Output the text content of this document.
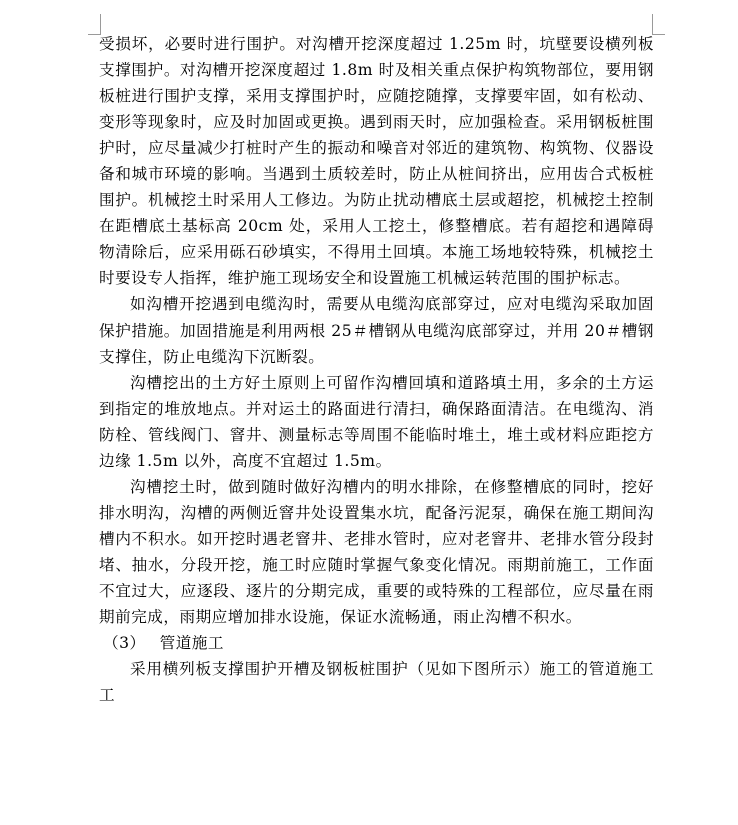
受损坏，必要时进行围护。对沟槽开挖深度超过 1.25m 时，坑壁要设横列板支撑围护。对沟槽开挖深度超过 1.8m 时及相关重点保护构筑物部位，要用钢板桩进行围护支撑，采用支撑围护时，应随挖随撑，支撑要牢固，如有松动、变形等现象时，应及时加固或更换。遇到雨天时，应加强检查。采用钢板桩围护时，应尽量减少打桩时产生的振动和噪音对邻近的建筑物、构筑物、仪器设备和城市环境的影响。当遇到土质较差时，防止从桩间挤出，应用齿合式板桩围护。机械挖土时采用人工修边。为防止扰动槽底土层或超挖，机械挖土控制在距槽底土基标高 20cm 处，采用人工挖土，修整槽底。若有超挖和遇障碍物清除后，应采用砾石砂填实，不得用土回填。本施工场地较特殊，机械挖土时要设专人指挥，维护施工现场安全和设置施工机械运转范围的围护标志。

如沟槽开挖遇到电缆沟时，需要从电缆沟底部穿过，应对电缆沟采取加固保护措施。加固措施是利用两根 25＃槽钢从电缆沟底部穿过，并用 20＃槽钢支撑住，防止电缆沟下沉断裂。

沟槽挖出的土方好土原则上可留作沟槽回填和道路填土用，多余的土方运到指定的堆放地点。并对运土的路面进行清扫，确保路面清洁。在电缆沟、消防栓、管线阀门、窨井、测量标志等周围不能临时堆土，堆土或材料应距挖方边缘 1.5m 以外，高度不宜超过 1.5m。

沟槽挖土时，做到随时做好沟槽内的明水排除，在修整槽底的同时，挖好排水明沟，沟槽的两侧近窨井处设置集水坑，配备污泥泵，确保在施工期间沟槽内不积水。如开挖时遇老窨井、老排水管时，应对老窨井、老排水管分段封堵、抽水，分段开挖，施工时应随时掌握气象变化情况。雨期前施工，工作面不宜过大，应逐段、逐片的分期完成，重要的或特殊的工程部位，应尽量在雨期前完成，雨期应增加排水设施，保证水流畅通，雨止沟槽不积水。

（3） 管道施工

采用横列板支撑围护开槽及钢板桩围护（见如下图所示）施工的管道施工工
